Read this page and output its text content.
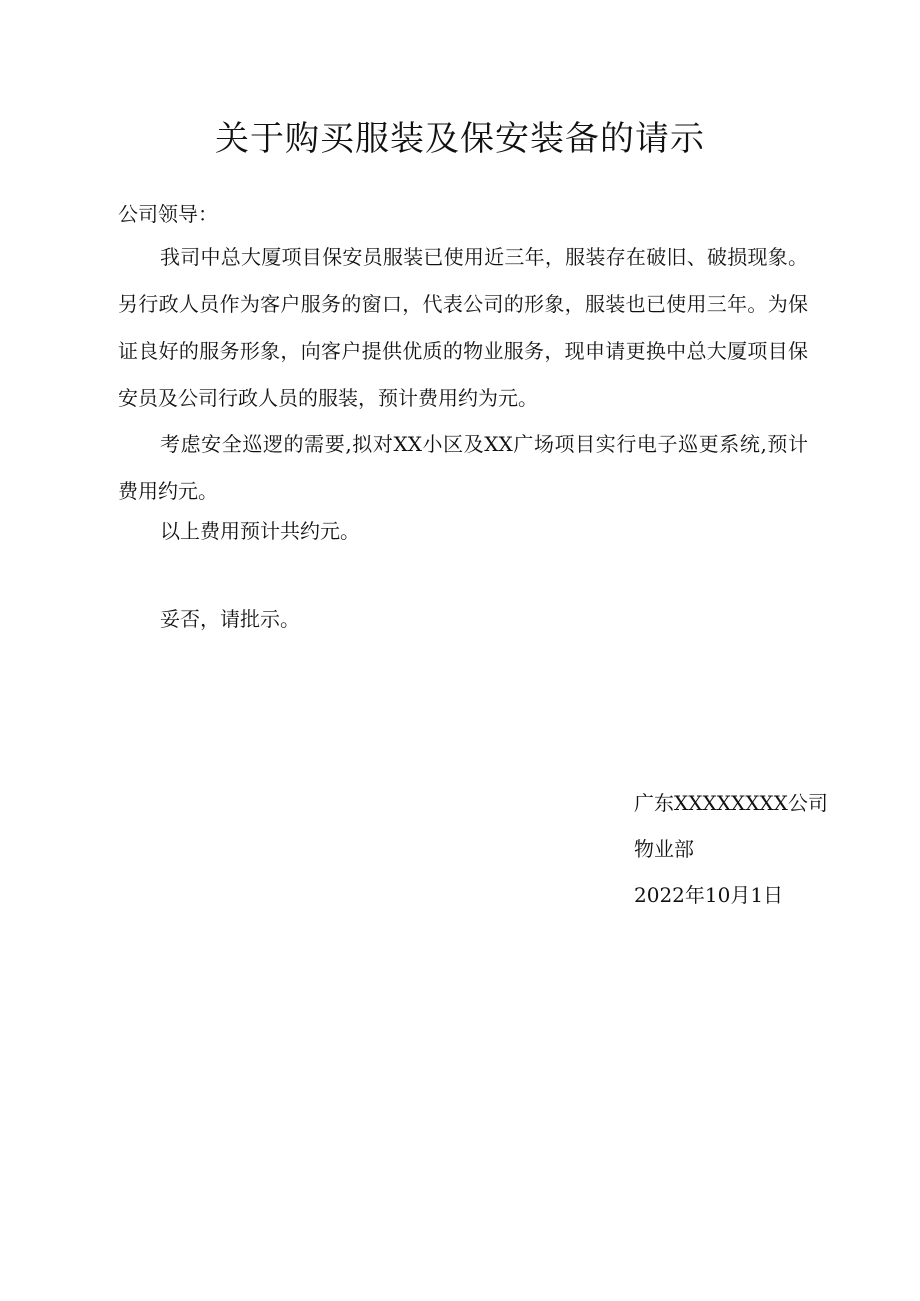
关于购买服装及保安装备的请示

公司领导：

我司中总大厦项目保安员服装已使用近三年，服装存在破旧、破损现象。另行政人员作为客户服务的窗口，代表公司的形象，服装也已使用三年。为保证良好的服务形象，向客户提供优质的物业服务，现申请更换中总大厦项目保安员及公司行政人员的服装，预计费用约为元。

考虑安全巡逻的需要,拟对XX小区及XX广场项目实行电子巡更系统,预计费用约元。

以上费用预计共约元。

妥否，请批示。

广东XXXXXXXX公司
物业部
2022年10月1日
